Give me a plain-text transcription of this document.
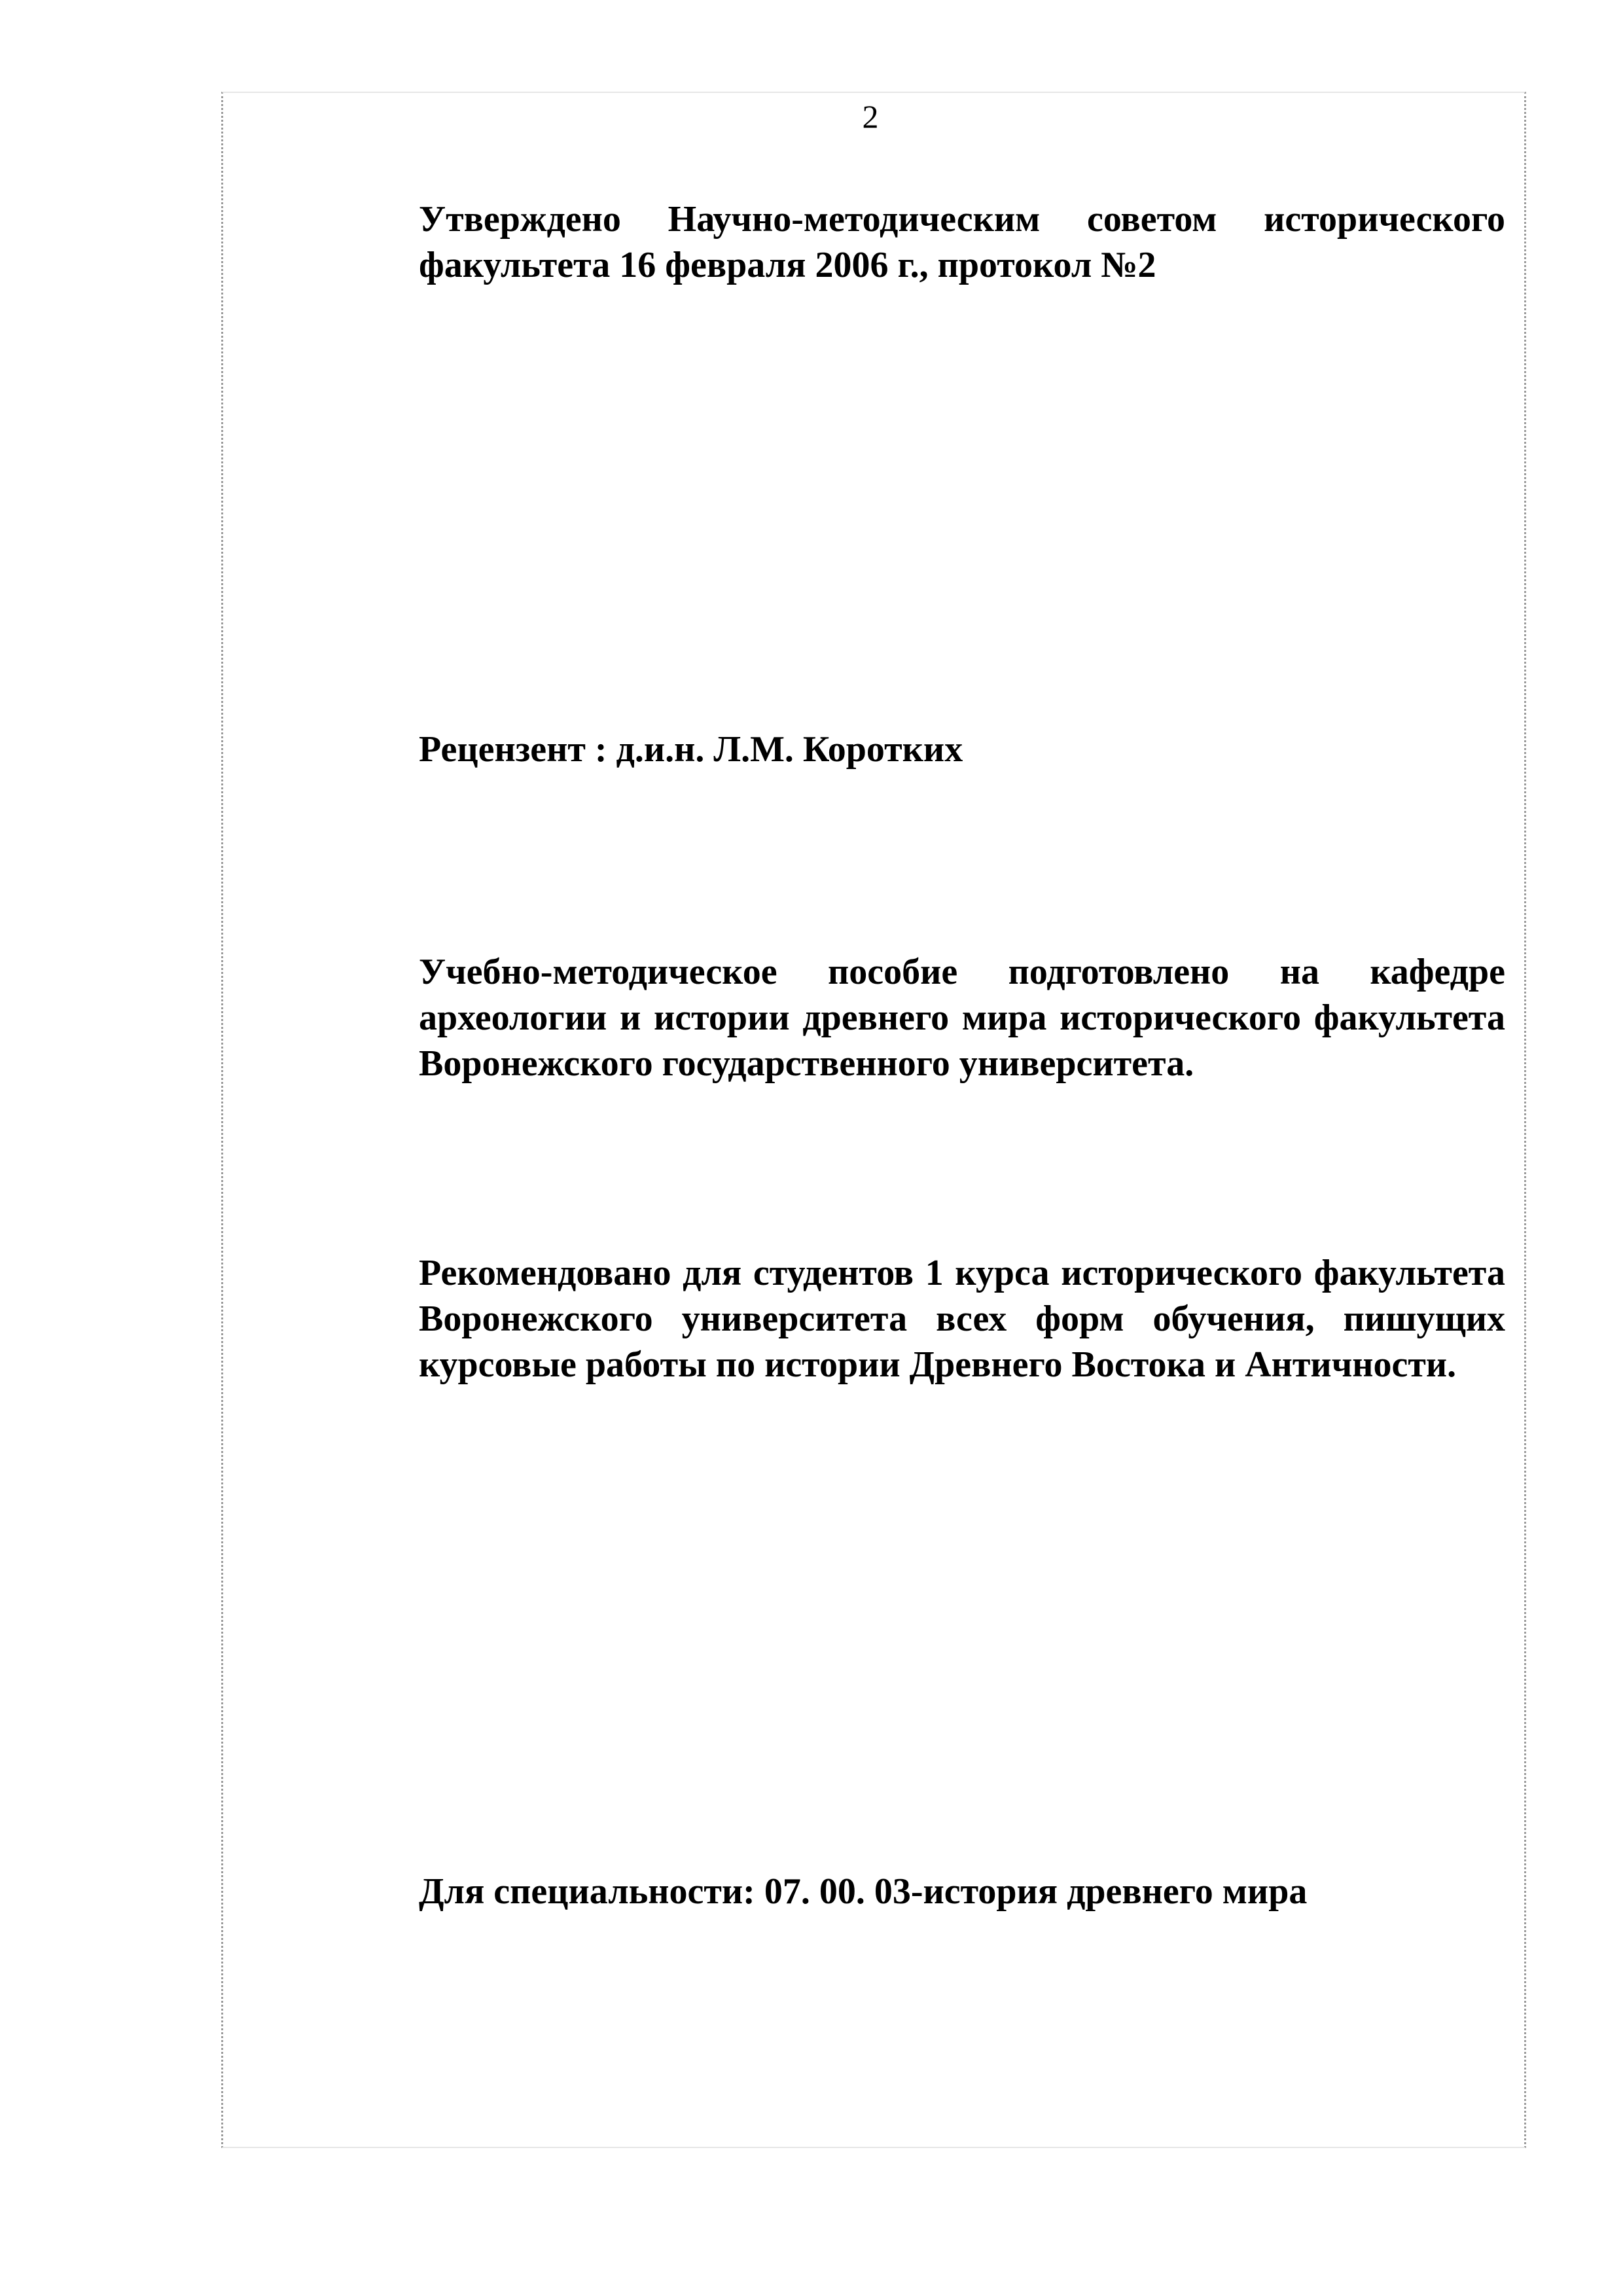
2

Утверждено Научно-методическим советом исторического факультета 16 февраля 2006 г., протокол №2

Рецензент : д.и.н. Л.М. Коротких

Учебно-методическое пособие подготовлено на кафедре археологии и истории древнего мира исторического факультета Воронежского государственного университета.

Рекомендовано для студентов 1 курса исторического факультета Воронежского университета всех форм обучения, пишущих курсовые работы по истории Древнего Востока и Античности.

Для специальности: 07. 00. 03-история древнего мира
